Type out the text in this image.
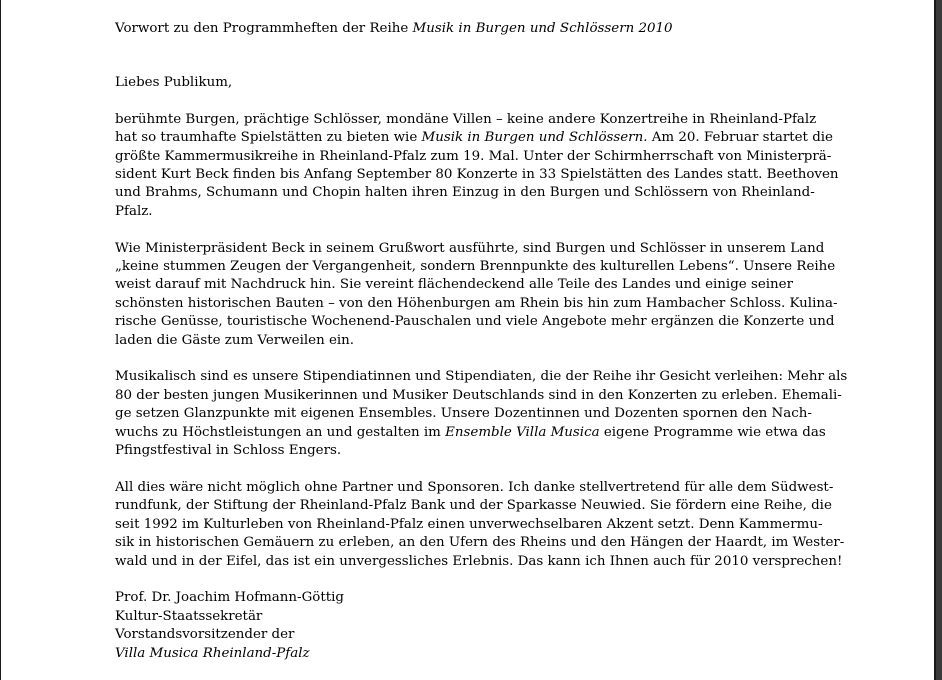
Vorwort zu den Programmheften der Reihe Musik in Burgen und Schlössern 2010

Liebes Publikum,

berühmte Burgen, prächtige Schlösser, mondäne Villen – keine andere Konzertreihe in Rheinland-Pfalz
hat so traumhafte Spielstätten zu bieten wie Musik in Burgen und Schlössern. Am 20. Februar startet die
größte Kammermusikreihe in Rheinland-Pfalz zum 19. Mal. Unter der Schirmherrschaft von Ministerprä-
sident Kurt Beck finden bis Anfang September 80 Konzerte in 33 Spielstätten des Landes statt. Beethoven
und Brahms, Schumann und Chopin halten ihren Einzug in den Burgen und Schlössern von Rheinland-
Pfalz.

Wie Ministerpräsident Beck in seinem Grußwort ausführte, sind Burgen und Schlösser in unserem Land
„keine stummen Zeugen der Vergangenheit, sondern Brennpunkte des kulturellen Lebens“. Unsere Reihe
weist darauf mit Nachdruck hin. Sie vereint flächendeckend alle Teile des Landes und einige seiner
schönsten historischen Bauten – von den Höhenburgen am Rhein bis hin zum Hambacher Schloss. Kulina-
rische Genüsse, touristische Wochenend-Pauschalen und viele Angebote mehr ergänzen die Konzerte und
laden die Gäste zum Verweilen ein.

Musikalisch sind es unsere Stipendiatinnen und Stipendiaten, die der Reihe ihr Gesicht verleihen: Mehr als
80 der besten jungen Musikerinnen und Musiker Deutschlands sind in den Konzerten zu erleben. Ehemali-
ge setzen Glanzpunkte mit eigenen Ensembles. Unsere Dozentinnen und Dozenten spornen den Nach-
wuchs zu Höchstleistungen an und gestalten im Ensemble Villa Musica eigene Programme wie etwa das
Pfingstfestival in Schloss Engers.

All dies wäre nicht möglich ohne Partner und Sponsoren. Ich danke stellvertretend für alle dem Südwest-
rundfunk, der Stiftung der Rheinland-Pfalz Bank und der Sparkasse Neuwied. Sie fördern eine Reihe, die
seit 1992 im Kulturleben von Rheinland-Pfalz einen unverwechselbaren Akzent setzt. Denn Kammermu-
sik in historischen Gemäuern zu erleben, an den Ufern des Rheins und den Hängen der Haardt, im Wester-
wald und in der Eifel, das ist ein unvergessliches Erlebnis. Das kann ich Ihnen auch für 2010 versprechen!

Prof. Dr. Joachim Hofmann-Göttig
Kultur-Staatssekretär
Vorstandsvorsitzender der
Villa Musica Rheinland-Pfalz
